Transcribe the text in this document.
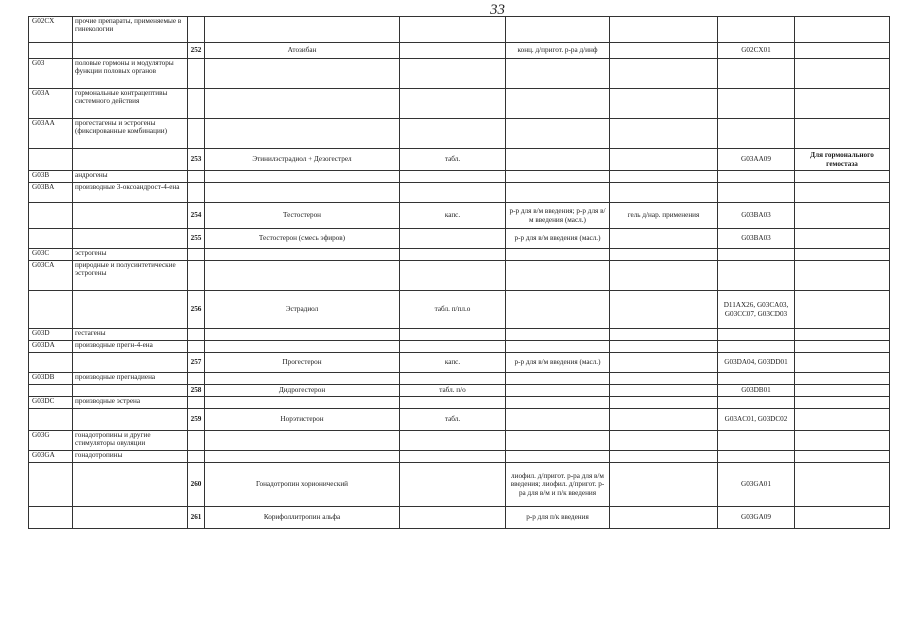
33
G02CX	прочие препараты, применяемые в гинекологии							
		252	Атозибан		конц. д/пригот. р-ра д/инф		G02CX01	
G03	половые гормоны и модуляторы функции половых органов							
G03A	гормональные контрацептивы системного действия							
G03AA	прогестагены и эстрогены (фиксированные комбинации)							
		253	Этинилэстрадиол + Дезогестрел	табл.			G03AA09	Для гормонального гемостаза
G03B	андрогены							
G03BA	производные 3-оксоандрост-4-ена							
		254	Тестостерон	капс.	р-р для в/м введения; р-р для в/м введения (масл.)	гель д/нар. применения	G03BA03	
		255	Тестостерон (смесь эфиров)		р-р для в/м введения (масл.)		G03BA03	
G03C	эстрогены							
G03CA	природные и полусинтетические эстрогены							
		256	Эстрадиол	табл. п/пл.о			D11AX26, G03CA03, G03CC07, G03CD03	
G03D	гестагены							
G03DA	производные прегн-4-ена							
		257	Прогестерон	капс.	р-р для в/м введения (масл.)		G03DA04, G03DD01	
G03DB	производные прегнадиена							
		258	Дидрогестерон	табл. п/о			G03DB01	
G03DC	производные эстрена							
		259	Норэтистерон	табл.			G03AC01, G03DC02	
G03G	гонадотропины и другие стимуляторы овуляции							
G03GA	гонадотропины							
		260	Гонадотропин хорионический		лиофил. д/пригот. р-ра для в/м введения; лиофил. д/пригот. р-ра для в/м и п/к введения		G03GA01	
		261	Корифоллитропин альфа		р-р для п/к введения		G03GA09	
